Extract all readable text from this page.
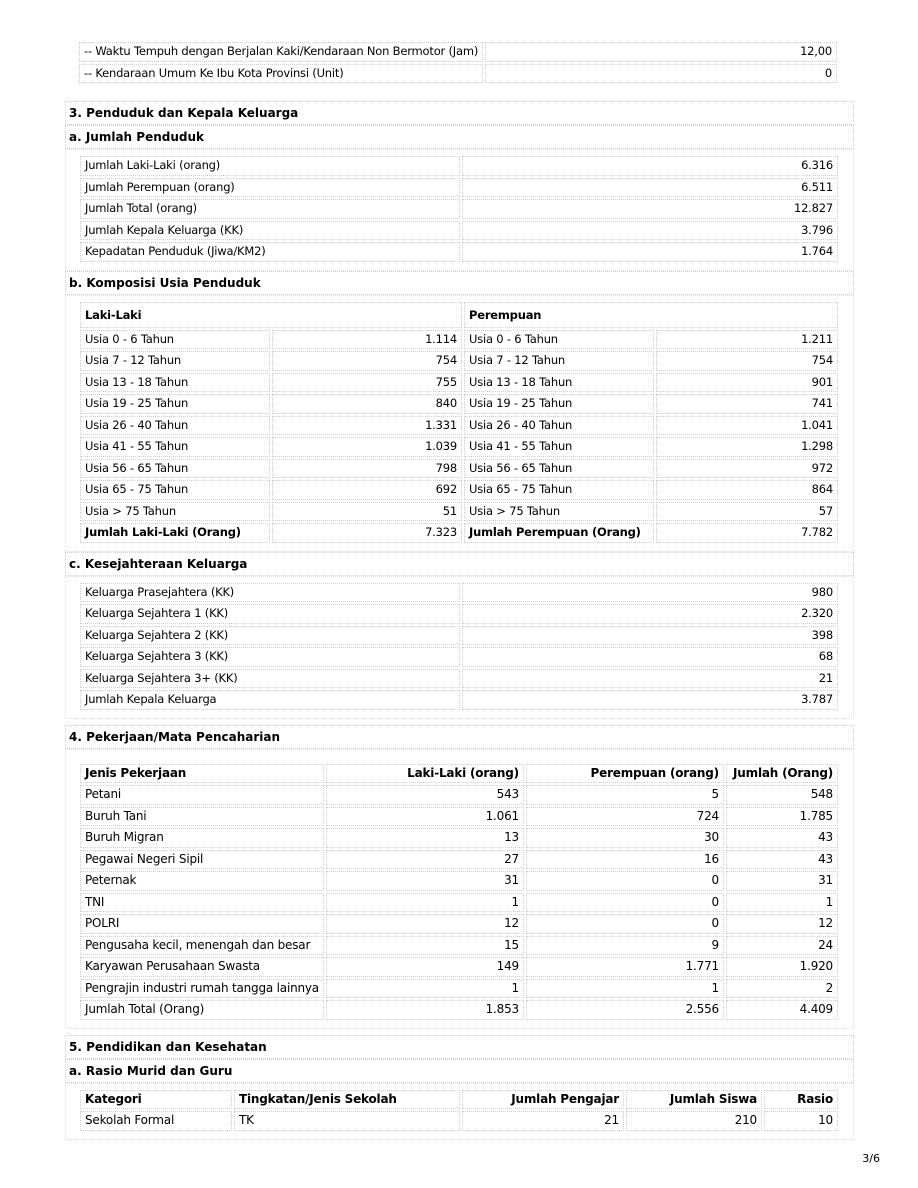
-- Waktu Tempuh dengan Berjalan Kaki/Kendaraan Non Bermotor (Jam)	12,00
-- Kendaraan Umum Ke Ibu Kota Provinsi (Unit)	0
3. Penduduk dan Kepala Keluarga
a. Jumlah Penduduk
Jumlah Laki-Laki (orang)	6.316
Jumlah Perempuan (orang)	6.511
Jumlah Total (orang)	12.827
Jumlah Kepala Keluarga (KK)	3.796
Kepadatan Penduduk (Jiwa/KM2)	1.764
b. Komposisi Usia Penduduk
Laki-Laki		Perempuan	
Usia 0 - 6 Tahun	1.114	Usia 0 - 6 Tahun	1.211
Usia 7 - 12 Tahun	754	Usia 7 - 12 Tahun	754
Usia 13 - 18 Tahun	755	Usia 13 - 18 Tahun	901
Usia 19 - 25 Tahun	840	Usia 19 - 25 Tahun	741
Usia 26 - 40 Tahun	1.331	Usia 26 - 40 Tahun	1.041
Usia 41 - 55 Tahun	1.039	Usia 41 - 55 Tahun	1.298
Usia 56 - 65 Tahun	798	Usia 56 - 65 Tahun	972
Usia 65 - 75 Tahun	692	Usia 65 - 75 Tahun	864
Usia > 75 Tahun	51	Usia > 75 Tahun	57
Jumlah Laki-Laki (Orang)	7.323	Jumlah Perempuan (Orang)	7.782
c. Kesejahteraan Keluarga
Keluarga Prasejahtera (KK)	980
Keluarga Sejahtera 1 (KK)	2.320
Keluarga Sejahtera 2 (KK)	398
Keluarga Sejahtera 3 (KK)	68
Keluarga Sejahtera 3+ (KK)	21
Jumlah Kepala Keluarga	3.787
4. Pekerjaan/Mata Pencaharian
Jenis Pekerjaan	Laki-Laki (orang)	Perempuan (orang)	Jumlah (Orang)
Petani	543	5	548
Buruh Tani	1.061	724	1.785
Buruh Migran	13	30	43
Pegawai Negeri Sipil	27	16	43
Peternak	31	0	31
TNI	1	0	1
POLRI	12	0	12
Pengusaha kecil, menengah dan besar	15	9	24
Karyawan Perusahaan Swasta	149	1.771	1.920
Pengrajin industri rumah tangga lainnya	1	1	2
Jumlah Total (Orang)	1.853	2.556	4.409
5. Pendidikan dan Kesehatan
a. Rasio Murid dan Guru
Kategori	Tingkatan/Jenis Sekolah	Jumlah Pengajar	Jumlah Siswa	Rasio
Sekolah Formal	TK	21	210	10
3/6
